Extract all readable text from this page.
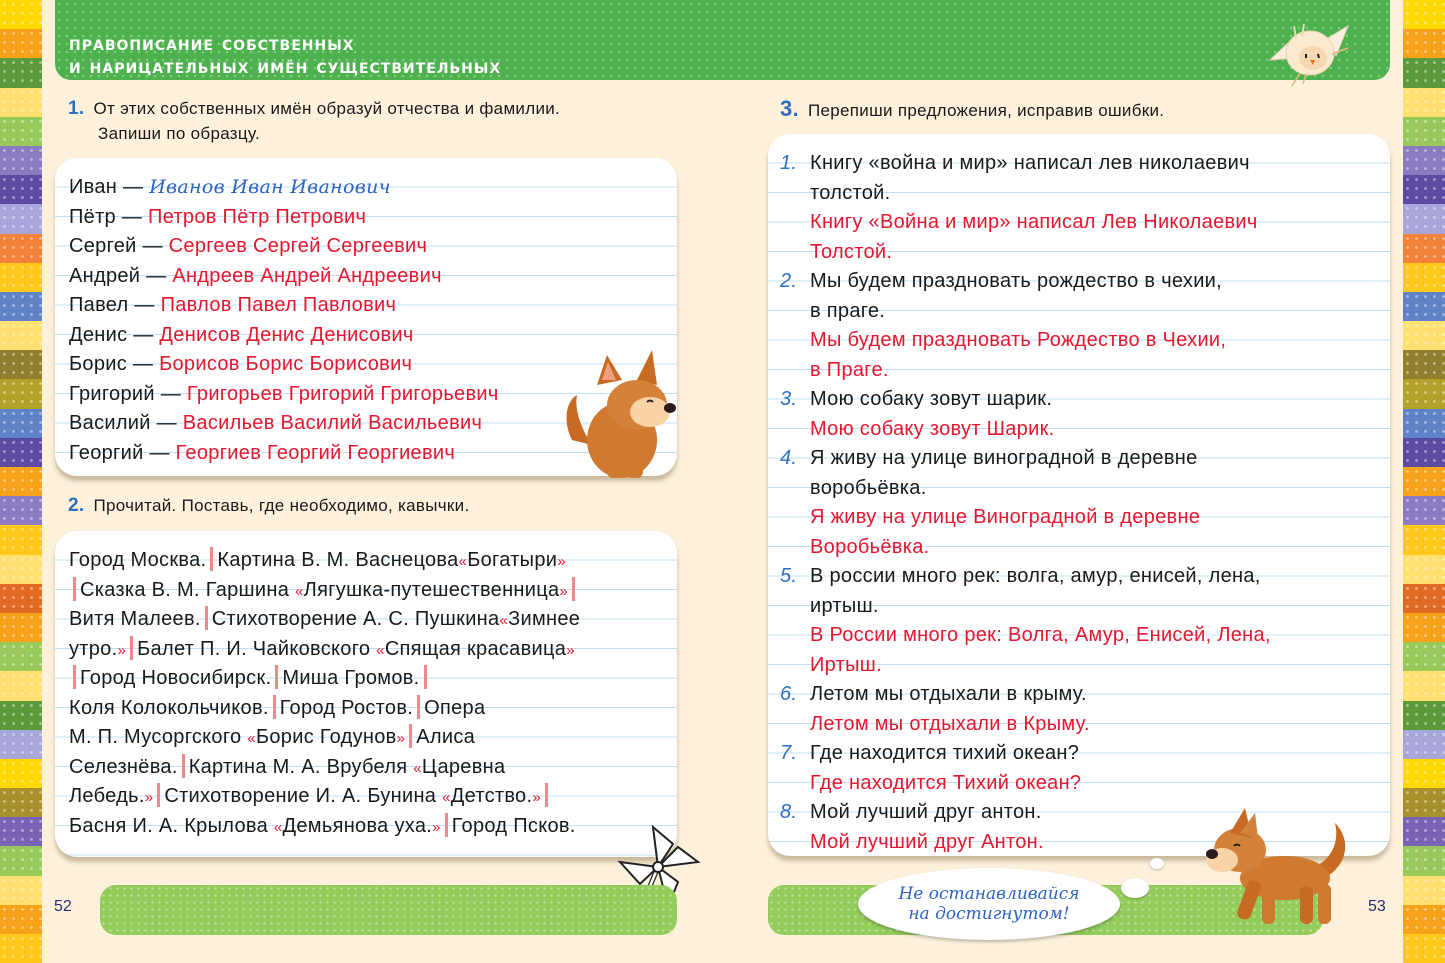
правописание собственных
и нарицательных имён существительных
1. От этих собственных имён образуй отчества и фамилии.
Запиши по образцу.
Иван — Иванов Иван Иванович
Пётр — Петров Пётр Петрович
Сергей — Сергеев Сергей Сергеевич
Андрей — Андреев Андрей Андреевич
Павел — Павлов Павел Павлович
Денис — Денисов Денис Денисович
Борис — Борисов Борис Борисович
Григорий — Григорьев Григорий Григорьевич
Василий — Васильев Василий Васильевич
Георгий — Георгиев Георгий Георгиевич
2. Прочитай. Поставь, где необходимо, кавычки.
Город Москва. Картина В. М. Васнецова«Богатыри»
Сказка В. М. Гаршина «Лягушка-путешественница»
Витя Малеев. Стихотворение А. С. Пушкина«Зимнее
утро.» Балет П. И. Чайковского «Спящая красавица»
Город Новосибирск. Миша Громов.
Коля Колокольчиков. Город Ростов. Опера
М. П. Мусоргского «Борис Годунов» Алиса
Селезнёва. Картина М. А. Врубеля «Царевна
Лебедь.» Стихотворение И. А. Бунина «Детство.»
Басня И. А. Крылова «Демьянова уха.» Город Псков.
3. Перепиши предложения, исправив ошибки.
1. Книгу «война и мир» написал лев николаевич
толстой.
Книгу «Война и мир» написал Лев Николаевич
Толстой.
2. Мы будем праздновать рождество в чехии,
в праге.
Мы будем праздновать Рождество в Чехии,
в Праге.
3. Мою собаку зовут шарик.
Мою собаку зовут Шарик.
4. Я живу на улице виноградной в деревне
воробьёвка.
Я живу на улице Виноградной в деревне
Воробьёвка.
5. В россии много рек: волга, амур, енисей, лена,
иртыш.
В России много рек: Волга, Амур, Енисей, Лена,
Иртыш.
6. Летом мы отдыхали в крыму.
Летом мы отдыхали в Крыму.
7. Где находится тихий океан?
Где находится Тихий океан?
8. Мой лучший друг антон.
Мой лучший друг Антон.
52	53
Не останавливайся
на достигнутом!
